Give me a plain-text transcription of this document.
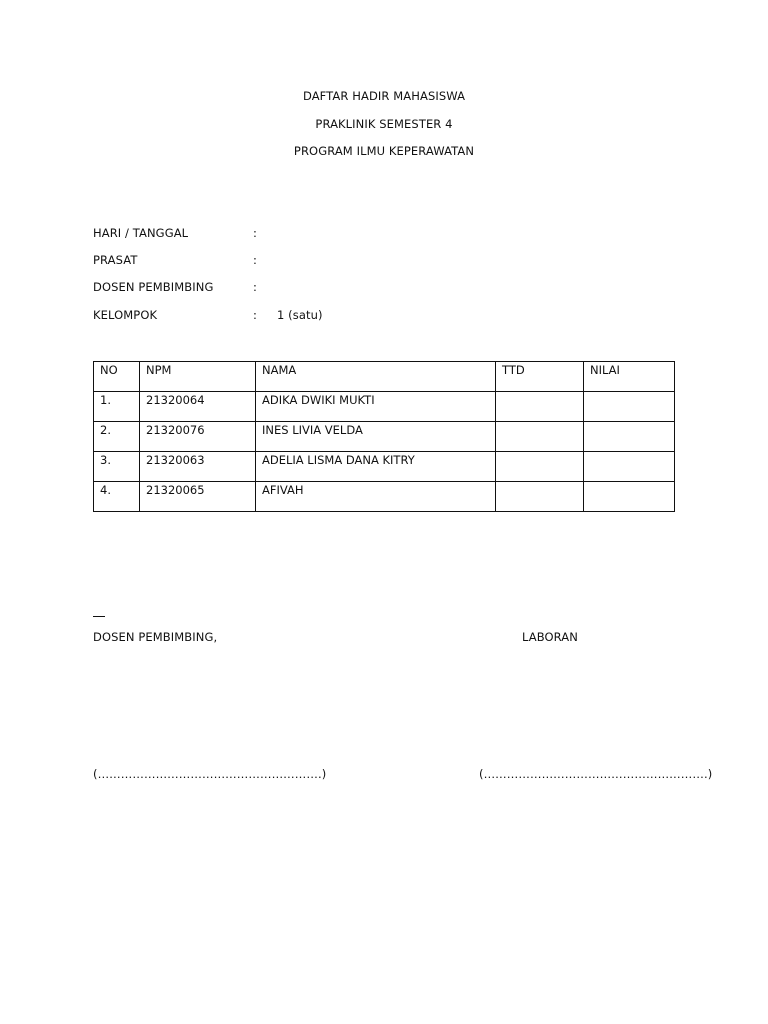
DAFTAR HADIR MAHASISWA
PRAKLINIK SEMESTER 4
PROGRAM ILMU KEPERAWATAN
HARI / TANGGAL	:
PRASAT	:
DOSEN PEMBIMBING	:
KELOMPOK	: 1 (satu)
NO	NPM	NAMA	TTD	NILAI

1.	21320064	ADIKA DWIKI MUKTI		

2.	21320076	INES LIVIA VELDA		

3.	21320063	ADELIA LISMA DANA KITRY		

4.	21320065	AFIVAH		

DOSEN PEMBIMBING,	LABORAN
(………………………………………………….)	(………………………………………………….)
